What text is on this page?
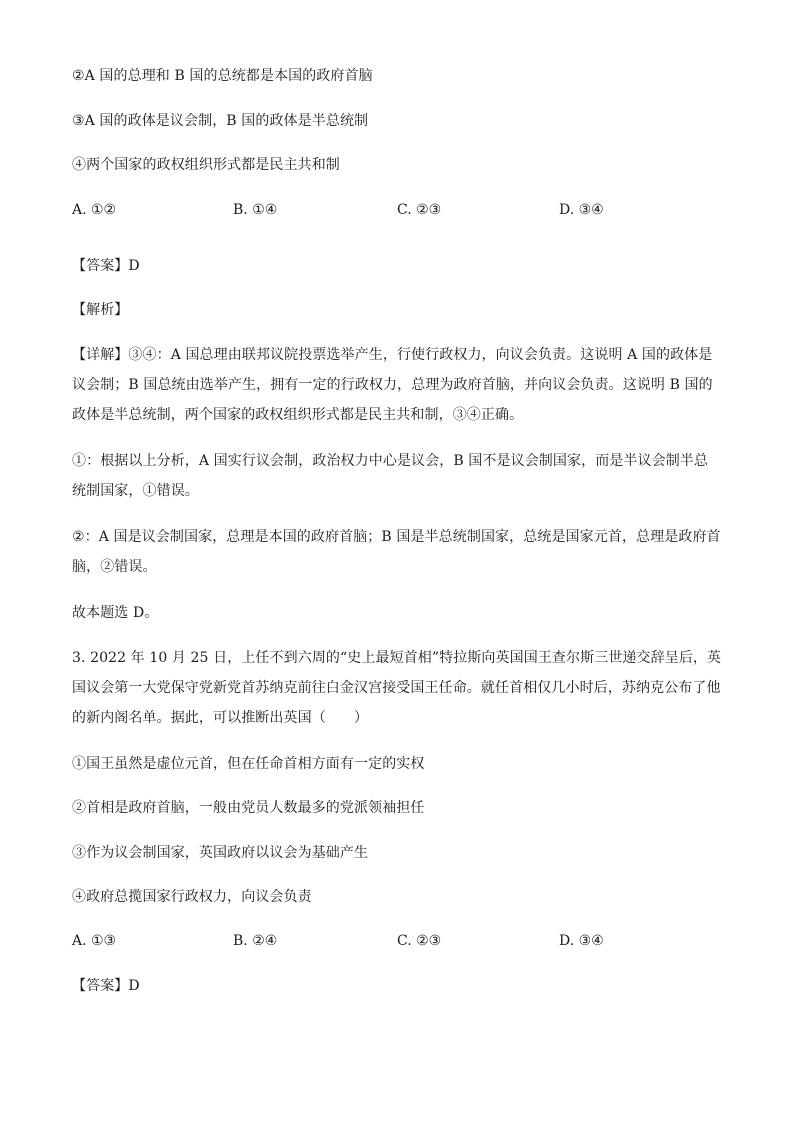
②A 国的总理和 B 国的总统都是本国的政府首脑
③A 国的政体是议会制，B 国的政体是半总统制
④两个国家的政权组织形式都是民主共和制
A. ①②	B. ①④	C. ②③	D. ③④
【答案】D
【解析】
【详解】③④：A 国总理由联邦议院投票选举产生，行使行政权力，向议会负责。这说明 A 国的政体是议会制；B 国总统由选举产生，拥有一定的行政权力，总理为政府首脑，并向议会负责。这说明 B 国的政体是半总统制，两个国家的政权组织形式都是民主共和制，③④正确。
①：根据以上分析，A 国实行议会制，政治权力中心是议会，B 国不是议会制国家，而是半议会制半总统制国家，①错误。
②：A 国是议会制国家，总理是本国的政府首脑；B 国是半总统制国家，总统是国家元首，总理是政府首脑，②错误。
故本题选 D。
3. 2022 年 10 月 25 日，上任不到六周的“史上最短首相”特拉斯向英国国王查尔斯三世递交辞呈后，英国议会第一大党保守党新党首苏纳克前往白金汉宫接受国王任命。就任首相仅几小时后，苏纳克公布了他的新内阁名单。据此，可以推断出英国（　　）
①国王虽然是虚位元首，但在任命首相方面有一定的实权
②首相是政府首脑，一般由党员人数最多的党派领袖担任
③作为议会制国家，英国政府以议会为基础产生
④政府总揽国家行政权力，向议会负责
A. ①③	B. ②④	C. ②③	D. ③④
【答案】D
